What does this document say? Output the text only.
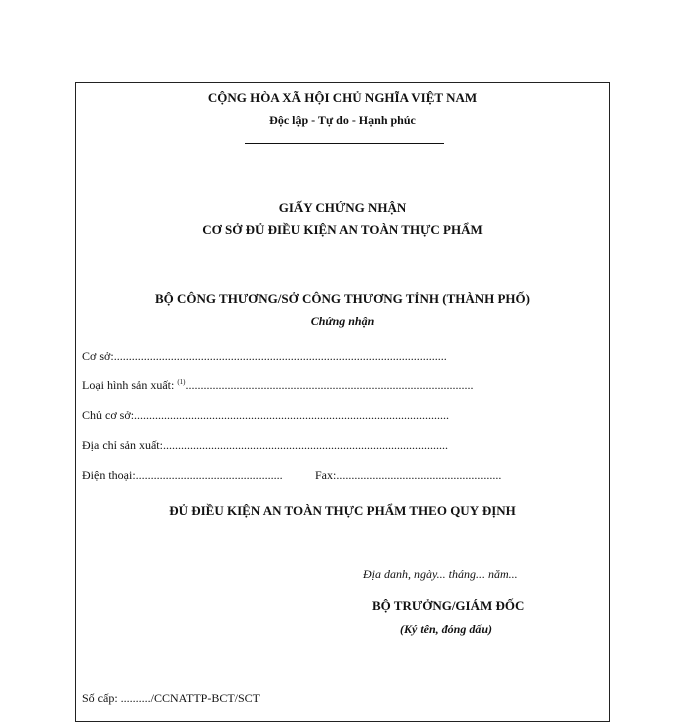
CỘNG HÒA XÃ HỘI CHỦ NGHĨA VIỆT NAM
Độc lập - Tự do - Hạnh phúc
GIẤY CHỨNG NHẬN
CƠ SỞ ĐỦ ĐIỀU KIỆN AN TOÀN THỰC PHẨM
BỘ CÔNG THƯƠNG/SỞ CÔNG THƯƠNG TỈNH (THÀNH PHỐ)
Chứng nhận
Cơ sở:...............................................................................................................
Loại hình sản xuất: $^{(1)}$................................................................................................
Chủ cơ sở:.........................................................................................................
Địa chỉ sản xuất:...............................................................................................
Điện thoại:.................................................	Fax:.......................................................
ĐỦ ĐIỀU KIỆN AN TOÀN THỰC PHẨM THEO QUY ĐỊNH
Địa danh, ngày... tháng... năm...
BỘ TRƯỞNG/GIÁM ĐỐC
(Ký tên, đóng dấu)
Số cấp: ........../CCNATTP-BCT/SCT
